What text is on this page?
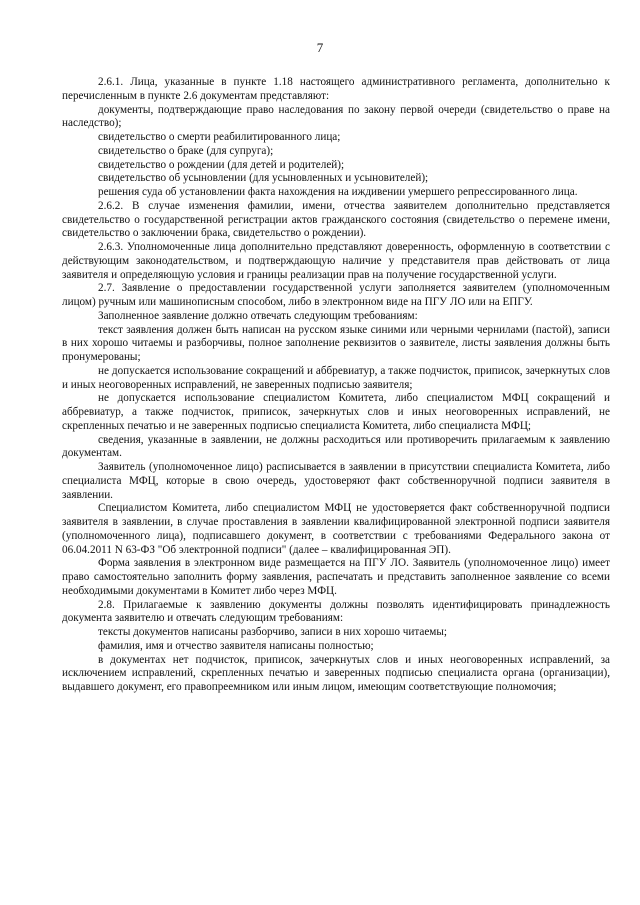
7

2.6.1. Лица, указанные в пункте 1.18 настоящего административного регламента, дополнительно к перечисленным в пункте 2.6 документам представляют:

документы, подтверждающие право наследования по закону первой очереди (свидетельство о праве на наследство);

свидетельство о смерти реабилитированного лица;

свидетельство о браке (для супруга);

свидетельство о рождении (для детей и родителей);

свидетельство об усыновлении (для усыновленных и усыновителей);

решения суда об установлении факта нахождения на иждивении умершего репрессированного лица.

2.6.2. В случае изменения фамилии, имени, отчества заявителем дополнительно представляется свидетельство о государственной регистрации актов гражданского состояния (свидетельство о перемене имени, свидетельство о заключении брака, свидетельство о рождении).

2.6.3. Уполномоченные лица дополнительно представляют доверенность, оформленную в соответствии с действующим законодательством, и подтверждающую наличие у представителя прав действовать от лица заявителя и определяющую условия и границы реализации прав на получение государственной услуги.

2.7. Заявление о предоставлении государственной услуги заполняется заявителем (уполномоченным лицом) ручным или машинописным способом, либо в электронном виде на ПГУ ЛО или на ЕПГУ.

Заполненное заявление должно отвечать следующим требованиям:

текст заявления должен быть написан на русском языке синими или черными чернилами (пастой), записи в них хорошо читаемы и разборчивы, полное заполнение реквизитов о заявителе, листы заявления должны быть пронумерованы;

не допускается использование сокращений и аббревиатур, а также подчисток, приписок, зачеркнутых слов и иных неоговоренных исправлений, не заверенных подписью заявителя;

не допускается использование специалистом Комитета, либо специалистом МФЦ сокращений и аббревиатур, а также подчисток, приписок, зачеркнутых слов и иных неоговоренных исправлений, не скрепленных печатью и не заверенных подписью специалиста Комитета, либо специалиста МФЦ;

сведения, указанные в заявлении, не должны расходиться или противоречить прилагаемым к заявлению документам.

Заявитель (уполномоченное лицо) расписывается в заявлении в присутствии специалиста Комитета, либо специалиста МФЦ, которые в свою очередь, удостоверяют факт собственноручной подписи заявителя в заявлении.

Специалистом Комитета, либо специалистом МФЦ не удостоверяется факт собственноручной подписи заявителя в заявлении, в случае проставления в заявлении квалифицированной электронной подписи заявителя (уполномоченного лица), подписавшего документ, в соответствии с требованиями Федерального закона от 06.04.2011 N 63-ФЗ "Об электронной подписи" (далее – квалифицированная ЭП).

Форма заявления в электронном виде размещается на ПГУ ЛО. Заявитель (уполномоченное лицо) имеет право самостоятельно заполнить форму заявления, распечатать и представить заполненное заявление со всеми необходимыми документами в Комитет либо через МФЦ.

2.8. Прилагаемые к заявлению документы должны позволять идентифицировать принадлежность документа заявителю и отвечать следующим требованиям:

тексты документов написаны разборчиво, записи в них хорошо читаемы;

фамилия, имя и отчество заявителя написаны полностью;

в документах нет подчисток, приписок, зачеркнутых слов и иных неоговоренных исправлений, за исключением исправлений, скрепленных печатью и заверенных подписью специалиста органа (организации), выдавшего документ, его правопреемником или иным лицом, имеющим соответствующие полномочия;
